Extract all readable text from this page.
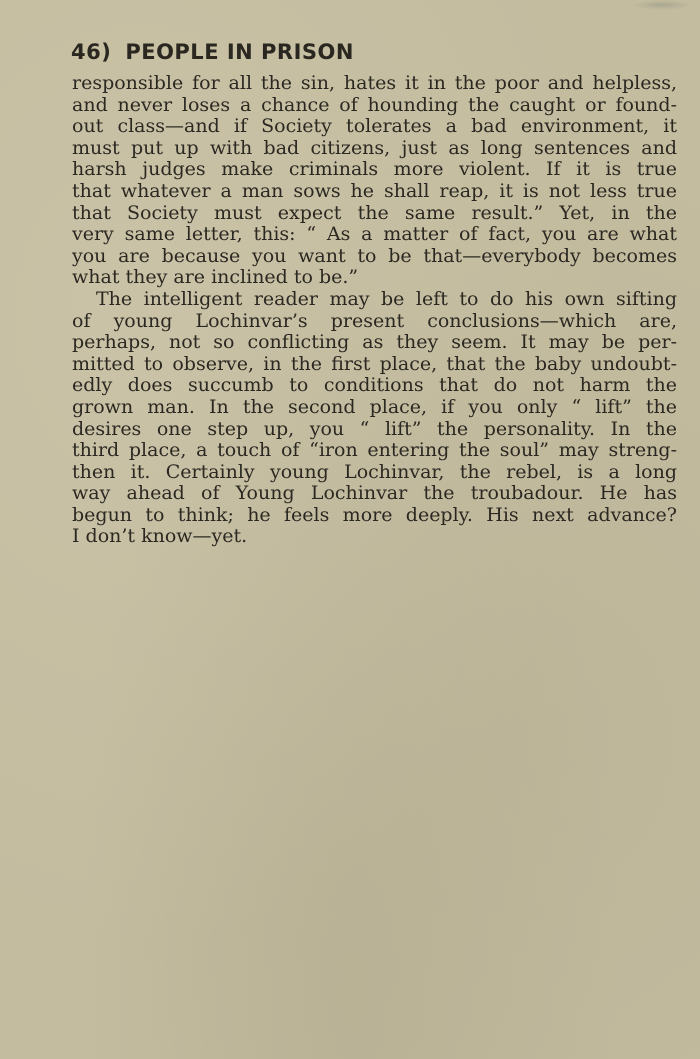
46) PEOPLE IN PRISON

responsible for all the sin, hates it in the poor and helpless,
and never loses a chance of hounding the caught or found-
out class—and if Society tolerates a bad environment, it
must put up with bad citizens, just as long sentences and
harsh judges make criminals more violent. If it is true
that whatever a man sows he shall reap, it is not less true
that Society must expect the same result.” Yet, in the
very same letter, this: “ As a matter of fact, you are what
you are because you want to be that—everybody becomes
what they are inclined to be.”

The intelligent reader may be left to do his own sifting
of young Lochinvar’s present conclusions—which are,
perhaps, not so conflicting as they seem. It may be per-
mitted to observe, in the first place, that the baby undoubt-
edly does succumb to conditions that do not harm the
grown man. In the second place, if you only “ lift” the
desires one step up, you “ lift” the personality. In the
third place, a touch of “iron entering the soul” may streng-
then it. Certainly young Lochinvar, the rebel, is a long
way ahead of Young Lochinvar the troubadour. He has
begun to think; he feels more deeply. His next advance?
I don’t know—yet.
